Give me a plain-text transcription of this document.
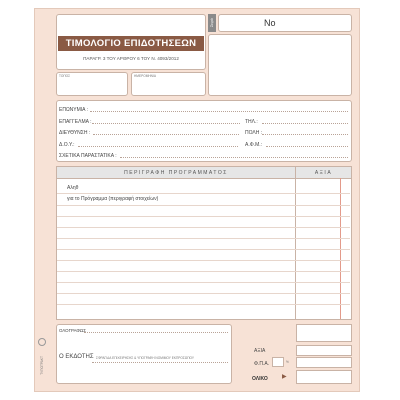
ΤΙΜΟΛΟΓΙΟ ΕΠΙΔΟΤΗΣΕΩΝ
ΠΑΡΑΓΡ. 3 ΤΟΥ ΑΡΘΡΟΥ 6 ΤΟΥ Ν. 4093/2012
ΤΟΠΟΣ	ΗΜΕΡΟΜΗΝΙΑ
Σειρά	No
ΕΠΩΝΥΜΙΑ :
ΕΠΑΓΓΕΛΜΑ :	ΤΗΛ.:
ΔΙΕΥΘΥΝΣΗ :	ΠΟΛΗ :
Δ.Ο.Υ.:	Α.Φ.Μ.:
ΣΧΕΤΙΚΑ ΠΑΡΑΣΤΑΤΙΚΑ :
ΠΕΡΙΓΡΑΦΗ ΠΡΟΓΡΑΜΜΑΤΟΣ	ΑΞΙΑ
Αληθ
για το Πρόγραμμα (περιγραφή στοιχείων)
ΟΛΟΓΡΑΦΩΣ
Ο ΕΚΔΟΤΗΣ ΣΦΡΑΓΙΔΑ ΕΠΙΧΕΙΡΗΣΗΣ & ΥΠΟΓΡΑΦΗ ΝΟΜΙΜΟΥ ΕΚΠΡΟΣΩΠΟΥ
ΑΞΙΑ
Φ.Π.Α.	%
ΟΛΙΚΟ ▶
ΤΥΠΟΤΡΑΚΤ
